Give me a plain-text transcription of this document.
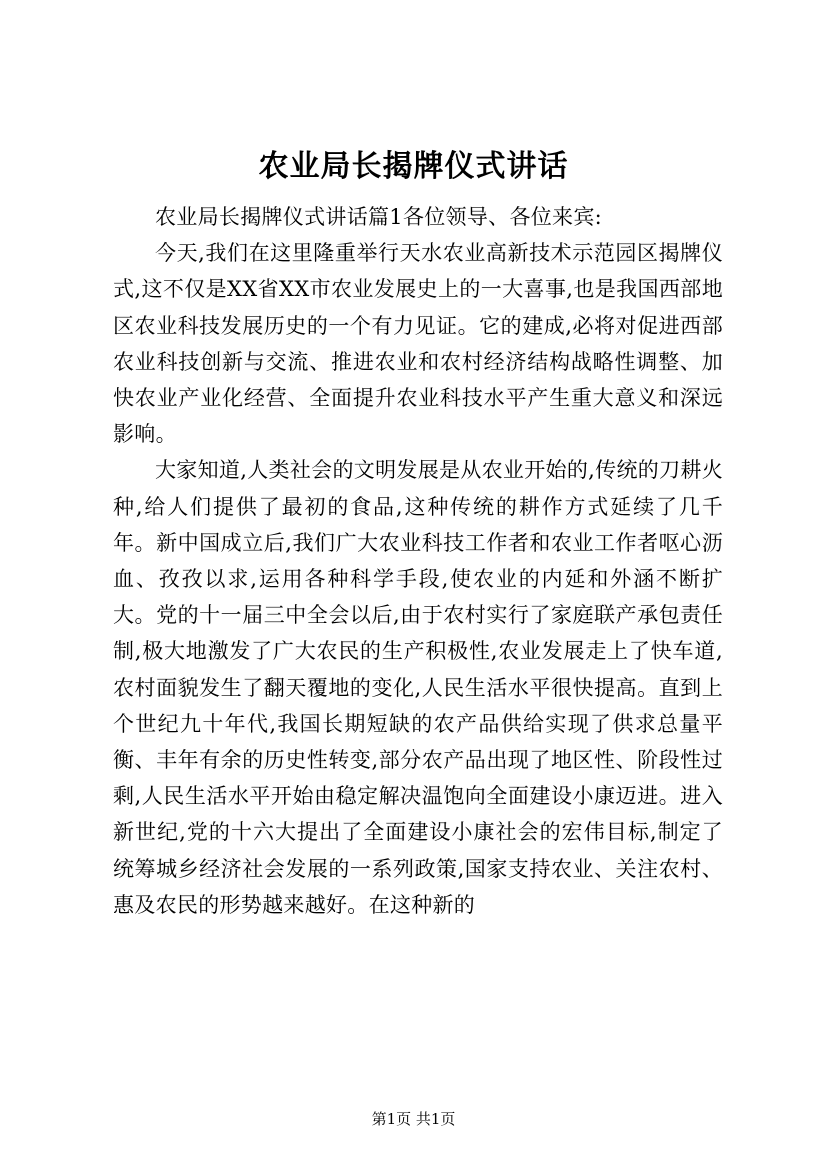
农业局长揭牌仪式讲话

农业局长揭牌仪式讲话篇1各位领导、各位来宾:

今天,我们在这里隆重举行天水农业高新技术示范园区揭牌仪式,这不仅是XX省XX市农业发展史上的一大喜事,也是我国西部地区农业科技发展历史的一个有力见证。它的建成,必将对促进西部农业科技创新与交流、推进农业和农村经济结构战略性调整、加快农业产业化经营、全面提升农业科技水平产生重大意义和深远影响。

大家知道,人类社会的文明发展是从农业开始的,传统的刀耕火种,给人们提供了最初的食品,这种传统的耕作方式延续了几千年。新中国成立后,我们广大农业科技工作者和农业工作者呕心沥血、孜孜以求,运用各种科学手段,使农业的内延和外涵不断扩大。党的十一届三中全会以后,由于农村实行了家庭联产承包责任制,极大地激发了广大农民的生产积极性,农业发展走上了快车道,农村面貌发生了翻天覆地的变化,人民生活水平很快提高。直到上个世纪九十年代,我国长期短缺的农产品供给实现了供求总量平衡、丰年有余的历史性转变,部分农产品出现了地区性、阶段性过剩,人民生活水平开始由稳定解决温饱向全面建设小康迈进。进入新世纪,党的十六大提出了全面建设小康社会的宏伟目标,制定了统筹城乡经济社会发展的一系列政策,国家支持农业、关注农村、惠及农民的形势越来越好。在这种新的

第1页 共1页
